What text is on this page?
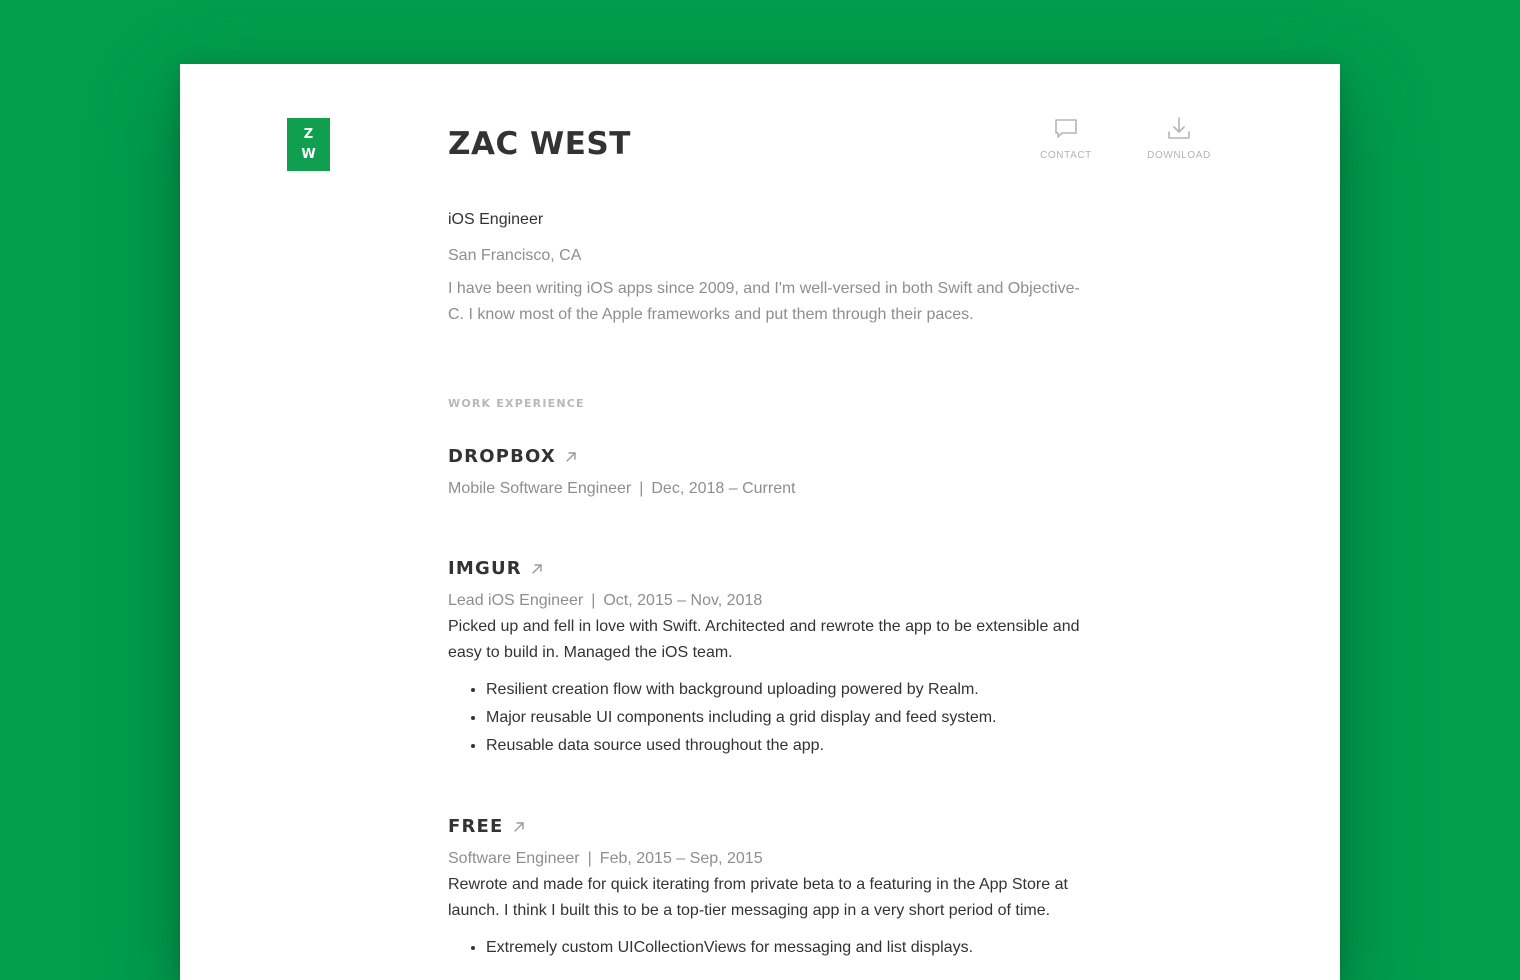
Z
W	ZAC WEST	CONTACT	DOWNLOAD

iOS Engineer

San Francisco, CA

I have been writing iOS apps since 2009, and I'm well-versed in both Swift and Objective-C. I know most of the Apple frameworks and put them through their paces.

WORK EXPERIENCE
DROPBOX

Mobile Software Engineer | Dec, 2018 – Current

IMGUR

Lead iOS Engineer | Oct, 2015 – Nov, 2018

Picked up and fell in love with Swift. Architected and rewrote the app to be extensible and easy to build in. Managed the iOS team.

• Resilient creation flow with background uploading powered by Realm.
• Major reusable UI components including a grid display and feed system.
• Reusable data source used throughout the app.
FREE

Software Engineer | Feb, 2015 – Sep, 2015

Rewrote and made for quick iterating from private beta to a featuring in the App Store at launch. I think I built this to be a top-tier messaging app in a very short period of time.

• Extremely custom UICollectionViews for messaging and list displays.
